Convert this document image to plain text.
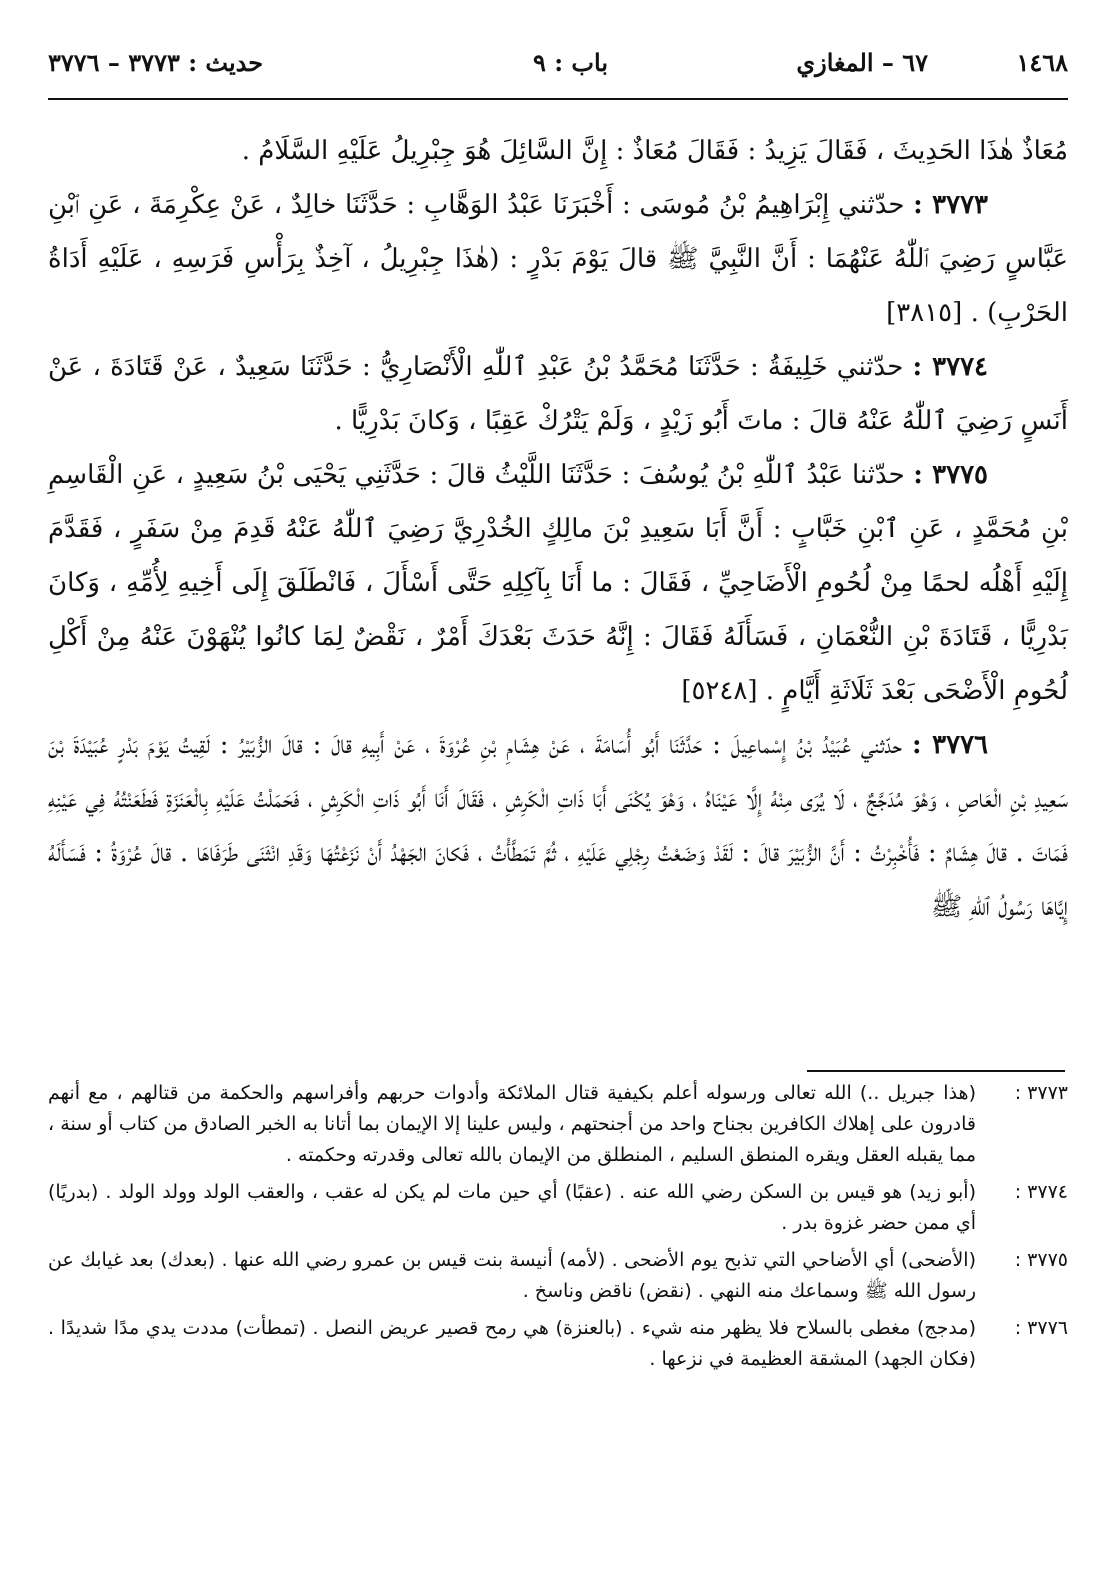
١٤٦٨
٦٧ – المغازي
باب : ٩
حديث : ٣٧٧٣ – ٣٧٧٦

مُعَاذٌ هٰذَا الحَدِيثَ ، فَقَالَ يَزِيدُ : فَقَالَ مُعَاذٌ : إِنَّ السَّائِلَ هُوَ جِبْرِيلُ عَلَيْهِ السَّلَامُ .

٣٧٧٣ : حدّثني إِبْرَاهِيمُ بْنُ مُوسَى : أَخْبَرَنَا عَبْدُ الوَهَّابِ : حَدَّثَنَا خالِدٌ ، عَنْ عِكْرِمَةَ ، عَنِ ٱبْنِ عَبَّاسٍ رَضِيَ ٱللّٰهُ عَنْهُمَا : أَنَّ النَّبِيَّ ﷺ قالَ يَوْمَ بَدْرٍ : (هٰذَا جِبْرِيلُ ، آخِذٌ بِرَأْسِ فَرَسِهِ ، عَلَيْهِ أَدَاةُ الحَرْبِ) . [٣٨١٥]

٣٧٧٤ : حدّثني خَلِيفَةُ : حَدَّثَنَا مُحَمَّدُ بْنُ عَبْدِ ٱللّٰهِ الْأَنْصَارِيُّ : حَدَّثَنَا سَعِيدٌ ، عَنْ قَتَادَةَ ، عَنْ أَنَسٍ رَضِيَ ٱللّٰهُ عَنْهُ قالَ : ماتَ أَبُو زَيْدٍ ، وَلَمْ يَتْرُكْ عَقِبًا ، وَكانَ بَدْرِيًّا .

٣٧٧٥ : حدّثنا عَبْدُ ٱللّٰهِ بْنُ يُوسُفَ : حَدَّثَنَا اللَّيْثُ قالَ : حَدَّثَنِي يَحْيَى بْنُ سَعِيدٍ ، عَنِ الْقَاسِمِ بْنِ مُحَمَّدٍ ، عَنِ ٱبْنِ خَبَّابٍ : أَنَّ أَبَا سَعِيدِ بْنَ مالِكٍ الخُدْرِيَّ رَضِيَ ٱللّٰهُ عَنْهُ قَدِمَ مِنْ سَفَرٍ ، فَقَدَّمَ إِلَيْهِ أَهْلُه لحمًا مِنْ لُحُومِ الْأَضَاحِيِّ ، فَقَالَ : ما أَنَا بِآكِلِهِ حَتَّى أَسْأَلَ ، فَانْطَلَقَ إِلَى أَخِيهِ لِأُمِّهِ ، وَكانَ بَدْرِيًّا ، قَتَادَةَ بْنِ النُّعْمَانِ ، فَسَأَلَهُ فَقَالَ : إِنَّهُ حَدَثَ بَعْدَكَ أَمْرٌ ، نَقْضٌ لِمَا كانُوا يُنْهَوْنَ عَنْهُ مِنْ أَكْلِ لُحُومِ الْأَضْحَى بَعْدَ ثَلَاثَةِ أَيَّامٍ . [٥٢٤٨]

٣٧٧٦ : حدّثني عُبَيْدُ بْنُ إِسْماعِيلَ : حَدَّثَنَا أَبُو أُسَامَةَ ، عَنْ هِشَامِ بْنِ عُرْوَةَ ، عَنْ أَبِيهِ قالَ : قالَ الزُّبَيْرُ : لَقِيتُ يَوْمَ بَدْرٍ عُبَيْدَةَ بْنَ سَعِيدِ بْنِ الْعَاصِ ، وَهْوَ مُدَجَّجٌ ، لَا يُرَى مِنْهُ إِلَّا عَيْنَاهُ ، وَهْوَ يُكْنَى أَبَا ذَاتِ الْكَرِشِ ، فَقَالَ أَنَا أَبُو ذَاتِ الْكَرِشِ ، فَحَمَلْتُ عَلَيْهِ بِالْعَنَزَةِ فَطَعَنْتُهُ فِي عَيْنِهِ فَمَاتَ . قالَ هِشَامٌ : فَأُخْبِرْتُ : أَنَّ الزُّبَيْرَ قالَ : لَقَدْ وَضَعْتُ رِجْلِي عَلَيْهِ ، ثُمَّ تَمَطَّأْتُ ، فَكانَ الجَهْدُ أَنْ نَزَعْتُهَا وَقَدِ انْثَنَى طَرَفَاهَا . قالَ عُرْوَةُ : فَسَأَلَهُ إِيَّاهَا رَسُولُ ٱللّٰهِ ﷺ

٣٧٧٣ :
(هذا جبريل ..) الله تعالى ورسوله أعلم بكيفية قتال الملائكة وأدوات حربهم وأفراسهم والحكمة من قتالهم ، مع أنهم قادرون على إهلاك الكافرين بجناح واحد من أجنحتهم ، وليس علينا إلا الإيمان بما أتانا به الخبر الصادق من كتاب أو سنة ، مما يقبله العقل ويقره المنطق السليم ، المنطلق من الإيمان بالله تعالى وقدرته وحكمته .
٣٧٧٤ :
(أبو زيد) هو قيس بن السكن رضي الله عنه . (عقبًا) أي حين مات لم يكن له عقب ، والعقب الولد وولد الولد . (بدريًا) أي ممن حضر غزوة بدر .
٣٧٧٥ :
(الأضحى) أي الأضاحي التي تذبح يوم الأضحى . (لأمه) أنيسة بنت قيس بن عمرو رضي الله عنها . (بعدك) بعد غيابك عن رسول الله ﷺ وسماعك منه النهي . (نقض) ناقض وناسخ .
٣٧٧٦ :
(مدجج) مغطى بالسلاح فلا يظهر منه شيء . (بالعنزة) هي رمح قصير عريض النصل . (تمطأت) مددت يدي مدًا شديدًا . (فكان الجهد) المشقة العظيمة في نزعها .
